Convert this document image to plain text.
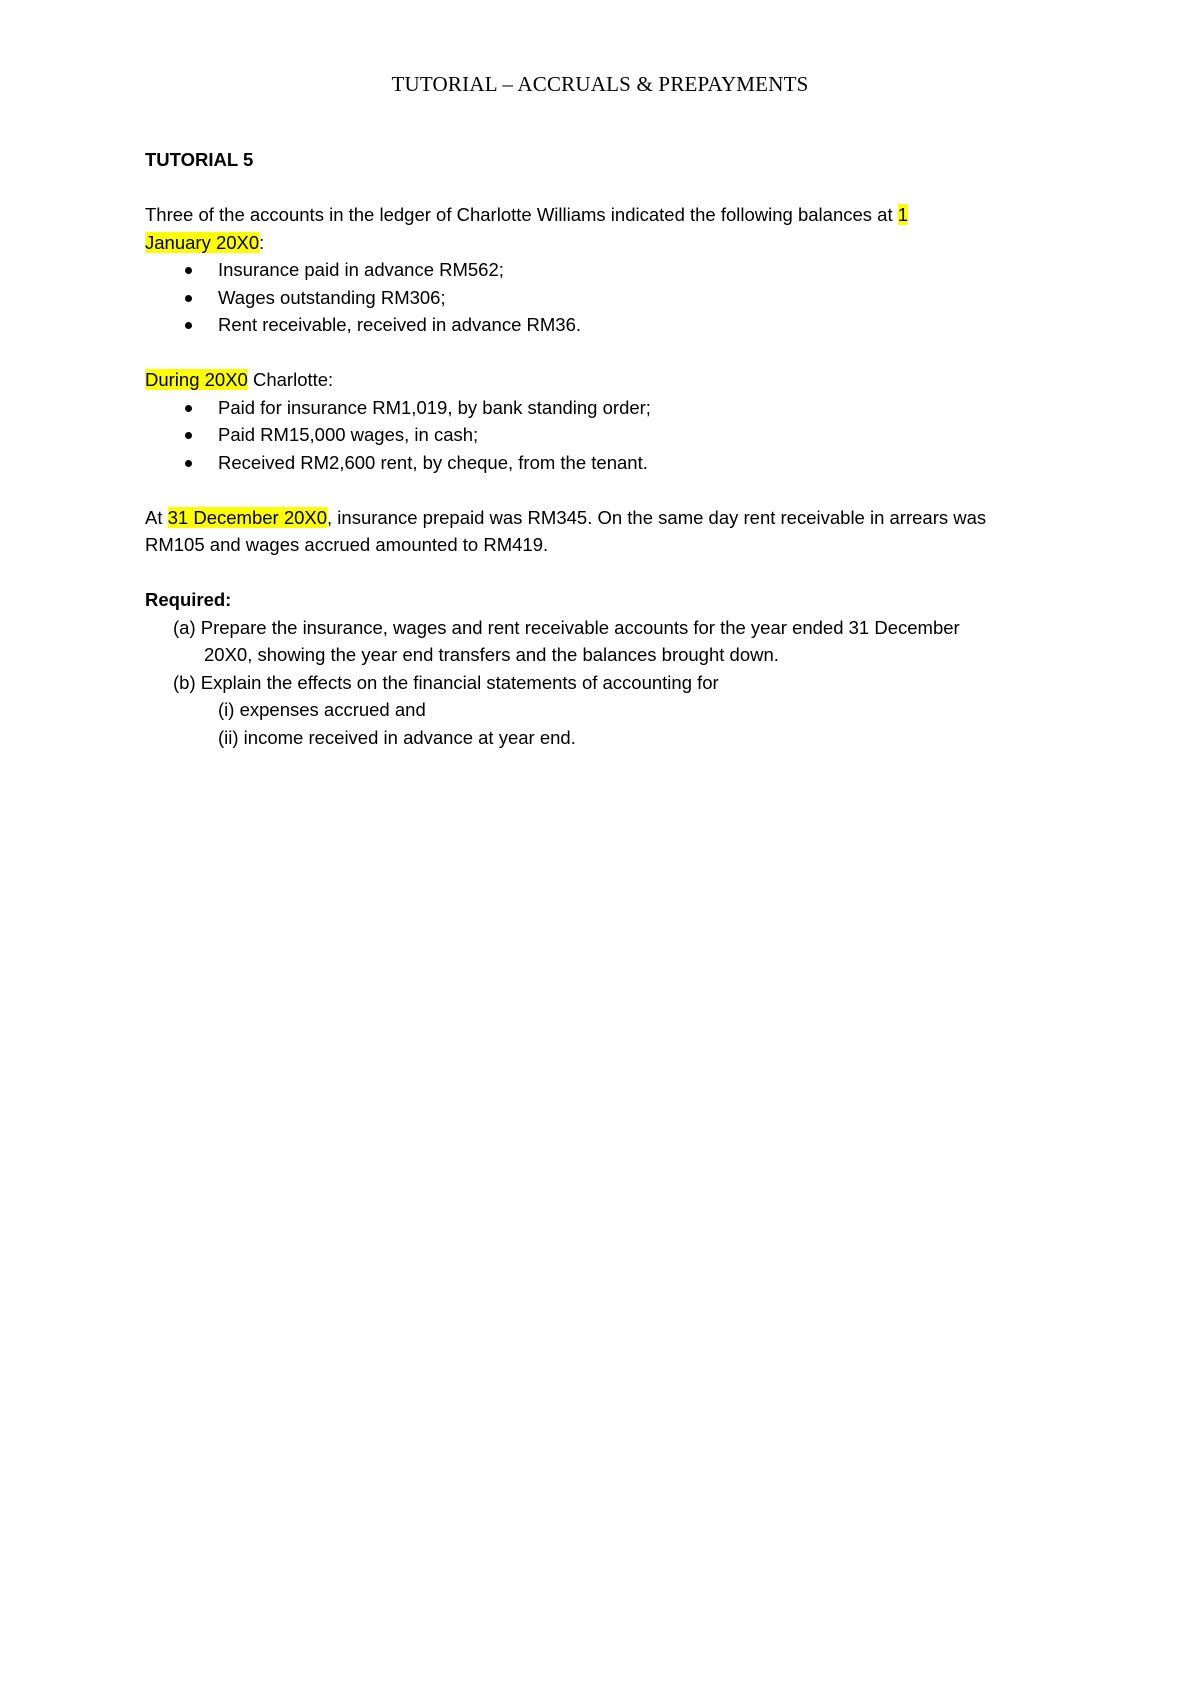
TUTORIAL – ACCRUALS & PREPAYMENTS
TUTORIAL 5
Three of the accounts in the ledger of Charlotte Williams indicated the following balances at 1
January 20X0:
Insurance paid in advance RM562;
Wages outstanding RM306;
Rent receivable, received in advance RM36.
During 20X0 Charlotte:
Paid for insurance RM1,019, by bank standing order;
Paid RM15,000 wages, in cash;
Received RM2,600 rent, by cheque, from the tenant.
At 31 December 20X0, insurance prepaid was RM345. On the same day rent receivable in arrears was
RM105 and wages accrued amounted to RM419.
Required:
(a) Prepare the insurance, wages and rent receivable accounts for the year ended 31 December
20X0, showing the year end transfers and the balances brought down.
(b) Explain the effects on the financial statements of accounting for
(i) expenses accrued and
(ii) income received in advance at year end.
